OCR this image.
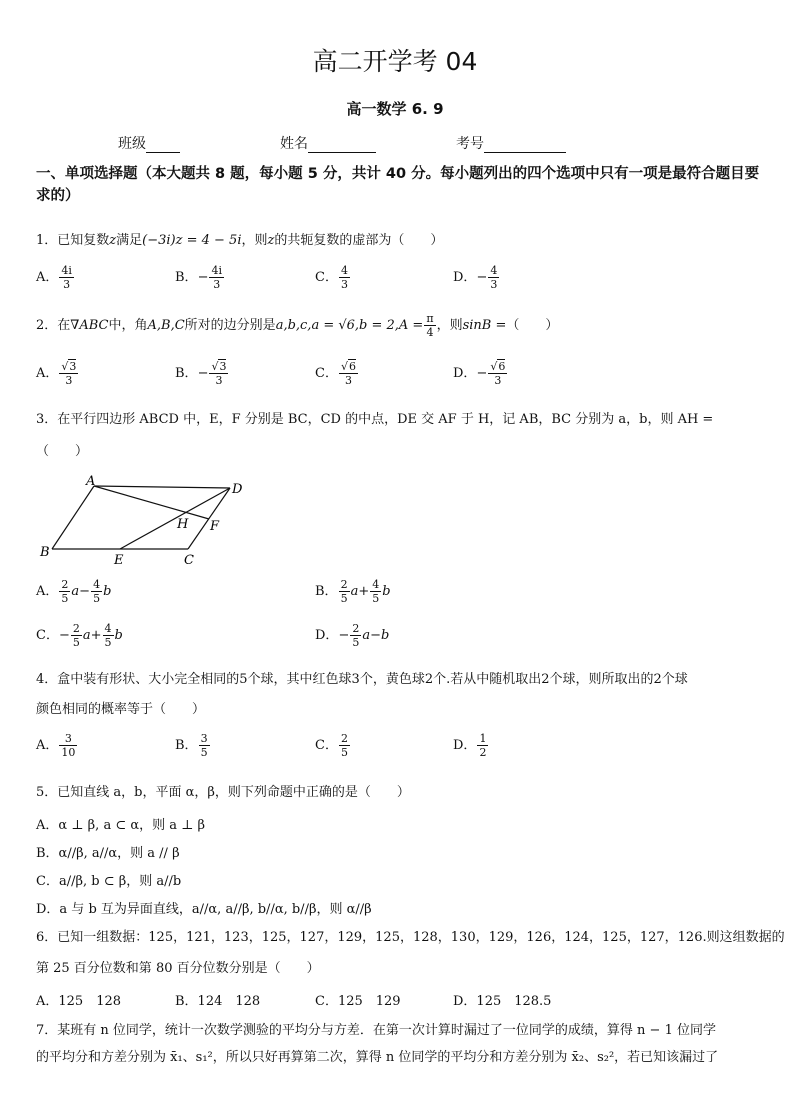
高二开学考 04
高一数学 6. 9
班级	姓名	考号
一、单项选择题（本大题共 8 题，每小题 5 分，共计 40 分。每小题列出的四个选项中只有一项是最符合题目要求的）
1．已知复数z满足(−3i)z = 4 − 5i，则z的共轭复数的虚部为（　　）
A． $\frac{4i}{3}$	B．− $\frac{4i}{3}$	C． $\frac{4}{3}$	D．− $\frac{4}{3}$
2．在∇ABC中，角A,B,C所对的边分别是$a,b,c,a = √6,b = 2,A = \frac{\pi}{4}$ ，则sinB =（　　）
A． $\frac{√3}{3}$	B．− $\frac{√3}{3}$	C． $\frac{√6}{3}$	D．− $\frac{√6}{3}$
3．在平行四边形 ABCD 中，E，F 分别是 BC，CD 的中点，DE 交 AF 于 H，记 AB，BC 分别为 a，b，则 AH =
（　　）
A
D
B
E	C
F
H
A． $\frac{2}{5} a- \frac{4}{5}$ b	B． $\frac{2}{5} a+ \frac{4}{5}$ b
C．− $\frac{2}{5} a+ \frac{4}{5}$ b	D．− $\frac{2}{5} a-b$
4．盒中装有形状、大小完全相同的5个球，其中红色球3个，黄色球2个.若从中随机取出2个球，则所取出的2个球
颜色相同的概率等于（　　）
A． $\frac{3}{10}$	B． $\frac{3}{5}$	C． $\frac{2}{5}$	D． $\frac{1}{2}$
5．已知直线 a，b，平面 α，β，则下列命题中正确的是（　　）
A．α ⊥ β, a ⊂ α，则 a ⊥ β
B．α//β, a//α，则 a // β
C．a//β, b ⊂ β，则 a//b
D．a 与 b 互为异面直线，a//α, a//β, b//α, b//β，则 α//β
6．已知一组数据：125，121，123，125，127，129，125，128，130，129，126，124，125，127，126.则这组数据的
第 25 百分位数和第 80 百分位数分别是（　　）
A．125　128	B．124　128	C．125　129	D．125　128.5
7．某班有 n 位同学，统计一次数学测验的平均分与方差．在第一次计算时漏过了一位同学的成绩，算得 n − 1 位同学
的平均分和方差分别为 x̄₁、s₁²，所以只好再算第二次，算得 n 位同学的平均分和方差分别为 x̄₂、s₂²，若已知该漏过了
